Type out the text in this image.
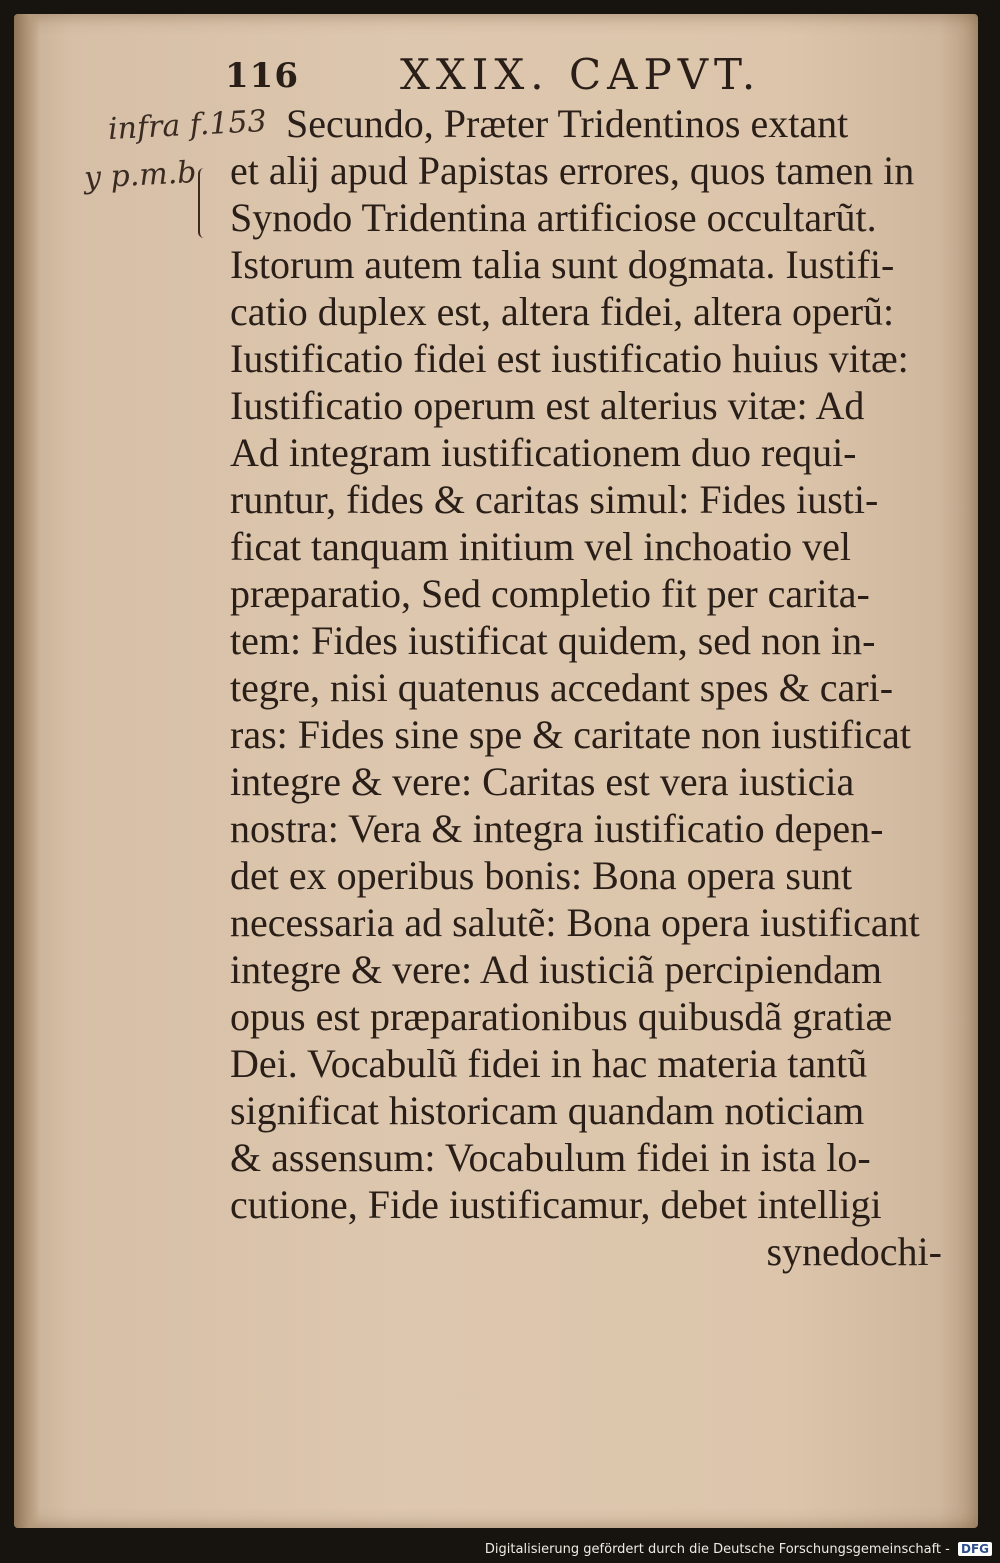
116 XXIX. CAPVT.
infra f.153
y p.m.b
Secundo, Præter Tridentinos extant
et alij apud Papistas errores, quos tamen in
Synodo Tridentina artificiose occultarũt.
Istorum autem talia sunt dogmata. Iustifi-
catio duplex est, altera fidei, altera operũ:
Iustificatio fidei est iustificatio huius vitæ:
Iustificatio operum est alterius vitæ: Ad
Ad integram iustificationem duo requi-
runtur, fides & caritas simul: Fides iusti-
ficat tanquam initium vel inchoatio vel
præparatio, Sed completio fit per carita-
tem: Fides iustificat quidem, sed non in-
tegre, nisi quatenus accedant spes & cari-
ras: Fides sine spe & caritate non iustificat
integre & vere: Caritas est vera iusticia
nostra: Vera & integra iustificatio depen-
det ex operibus bonis: Bona opera sunt
necessaria ad salutẽ: Bona opera iustificant
integre & vere: Ad iusticiã percipiendam
opus est præparationibus quibusdã gratiæ
Dei. Vocabulũ fidei in hac materia tantũ
significat historicam quandam noticiam
& assensum: Vocabulum fidei in ista lo-
cutione, Fide iustificamur, debet intelligi
synedochi-
Digitalisierung gefördert durch die Deutsche Forschungsgemeinschaft - DFG
